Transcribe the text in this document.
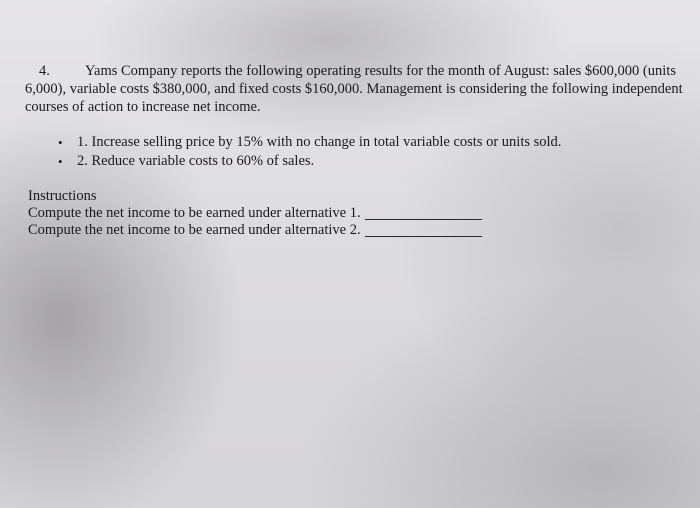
4. Yams Company reports the following operating results for the month of August: sales $600,000 (units 6,000), variable costs $380,000, and fixed costs $160,000. Management is considering the following independent courses of action to increase net income.
• 1. Increase selling price by 15% with no change in total variable costs or units sold.
• 2. Reduce variable costs to 60% of sales.
Instructions
Compute the net income to be earned under alternative 1.
Compute the net income to be earned under alternative 2.
